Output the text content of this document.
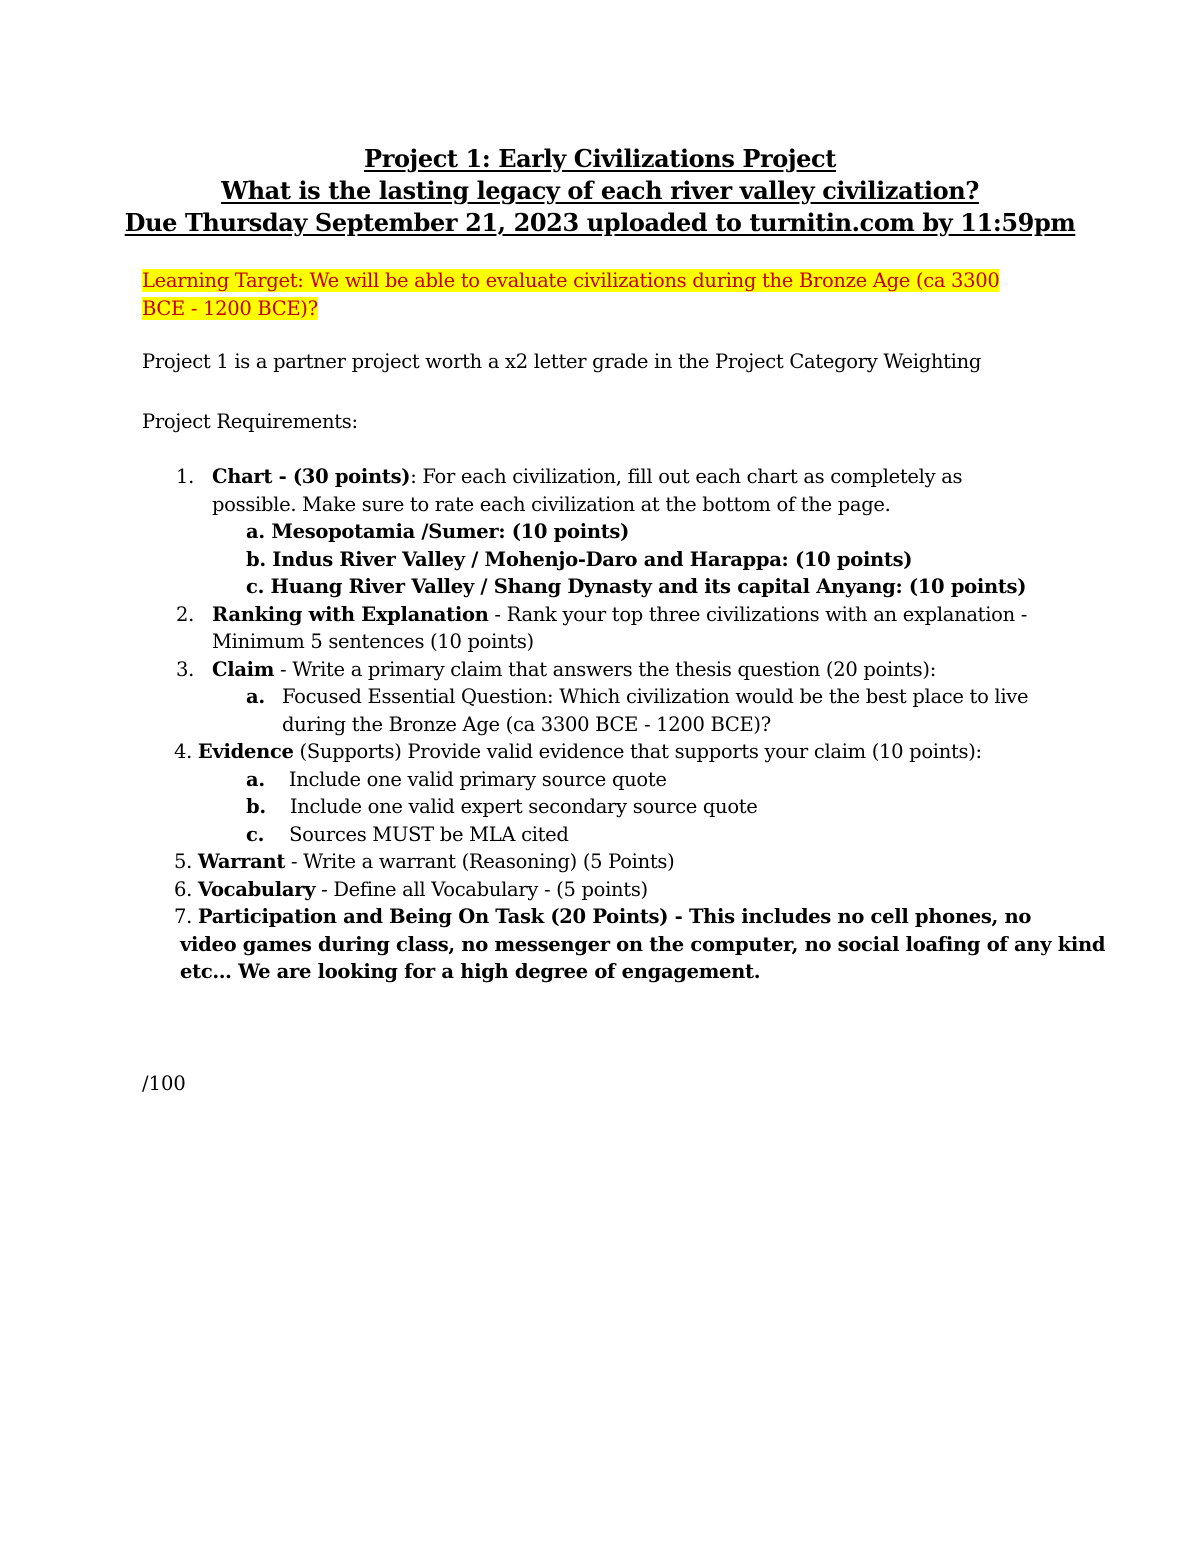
Project 1: Early Civilizations Project
What is the lasting legacy of each river valley civilization?
Due Thursday September 21, 2023 uploaded to turnitin.com by 11:59pm
Learning Target: We will be able to evaluate civilizations during the Bronze Age (ca 3300
BCE - 1200 BCE)?
Project 1 is a partner project worth a x2 letter grade in the Project Category Weighting
Project Requirements:
1. Chart - (30 points): For each civilization, fill out each chart as completely as
possible. Make sure to rate each civilization at the bottom of the page.
a. Mesopotamia /Sumer: (10 points)
b. Indus River Valley / Mohenjo-Daro and Harappa: (10 points)
c. Huang River Valley / Shang Dynasty and its capital Anyang: (10 points)
2. Ranking with Explanation - Rank your top three civilizations with an explanation -
Minimum 5 sentences (10 points)
3. Claim - Write a primary claim that answers the thesis question (20 points):
a. Focused Essential Question: Which civilization would be the best place to live
during the Bronze Age (ca 3300 BCE - 1200 BCE)?
4. Evidence (Supports) Provide valid evidence that supports your claim (10 points):
a. Include one valid primary source quote
b. Include one valid expert secondary source quote
c. Sources MUST be MLA cited
5. Warrant - Write a warrant (Reasoning) (5 Points)
6. Vocabulary - Define all Vocabulary - (5 points)
7. Participation and Being On Task (20 Points) - This includes no cell phones, no
video games during class, no messenger on the computer, no social loafing of any kind
etc… We are looking for a high degree of engagement.
/100
